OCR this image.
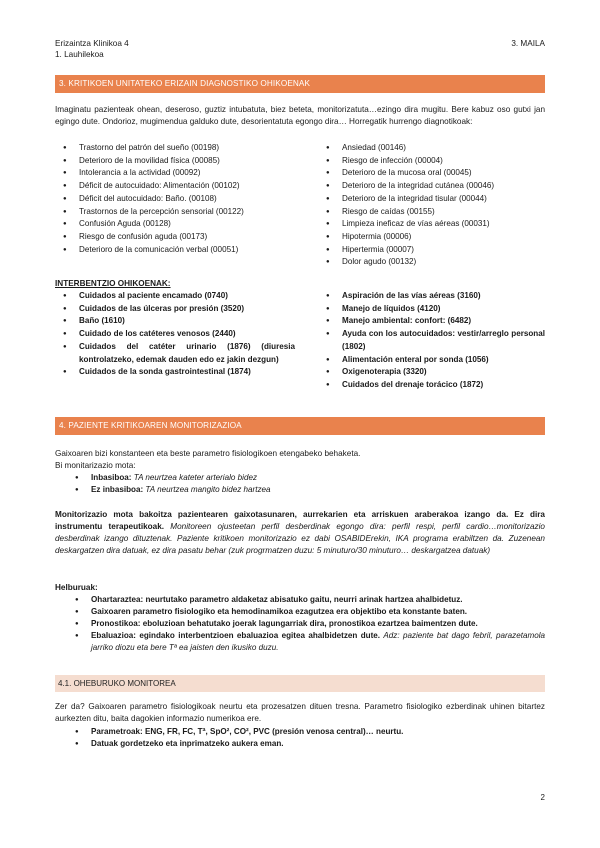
Erizaintza Klinikoa 4
1. Lauhilekoa
3. MAILA
3. KRITIKOEN UNITATEKO ERIZAIN DIAGNOSTIKO OHIKOENAK
Imaginatu pazienteak ohean, deseroso, guztiz intubatuta, biez beteta, monitorizatuta…ezingo dira mugitu. Bere kabuz oso gutxi jan egingo dute. Ondorioz, mugimendua galduko dute, desorientatuta egongo dira… Horregatik hurrengo diagnotikoak:
● Trastorno del patrón del sueño (00198)
● Deterioro de la movilidad física (00085)
● Intolerancia a la actividad (00092)
● Déficit de autocuidado: Alimentación (00102)
● Déficit del autocuidado: Baño. (00108)
● Trastornos de la percepción sensorial (00122)
● Confusión Aguda (00128)
● Riesgo de confusión aguda (00173)
● Deterioro de la comunicación verbal (00051)
● Ansiedad (00146)
● Riesgo de infección (00004)
● Deterioro de la mucosa oral (00045)
● Deterioro de la integridad cutánea (00046)
● Deterioro de la integridad tisular (00044)
● Riesgo de caídas (00155)
● Limpieza ineficaz de vías aéreas (00031)
● Hipotermia (00006)
● Hipertermia (00007)
● Dolor agudo (00132)
INTERBENTZIO OHIKOENAK:
● Cuidados al paciente encamado (0740)
● Cuidados de las úlceras por presión (3520)
● Baño (1610)
● Cuidado de los catéteres venosos (2440)
● Cuidados del catéter urinario (1876) (diuresia kontrolatzeko, edemak dauden edo ez jakin dezgun)
● Cuidados de la sonda gastrointestinal (1874)
● Aspiración de las vías aéreas (3160)
● Manejo de líquidos (4120)
● Manejo ambiental: confort: (6482)
● Ayuda con los autocuidados: vestir/arreglo personal (1802)
● Alimentación enteral por sonda (1056)
● Oxigenoterapia (3320)
● Cuidados del drenaje torácico (1872)
4. PAZIENTE KRITIKOAREN MONITORIZAZIOA
Gaixoaren bizi konstanteen eta beste parametro fisiologikoen etengabeko behaketa.
Bi monitarizazio mota:
● Inbasiboa: TA neurtzea kateter arterialo bidez
● Ez inbasiboa: TA neurtzea mangito bidez hartzea
Monitorizazio mota bakoitza pazientearen gaixotasunaren, aurrekarien eta arriskuen araberakoa izango da. Ez dira instrumentu terapeutikoak. Monitoreen ojusteetan perfil desberdinak egongo dira: perfil respi, perfil cardio…monitorizazio desberdinak izango dituztenak. Paziente kritikoen monitorizazio ez dabi OSABIDErekin, IKA programa erabiltzen da. Zuzenean deskargatzen dira datuak, ez dira pasatu behar (zuk progrmatzen duzu: 5 minuturo/30 minuturo… deskargatzea datuak)
Helburuak:
● Ohartaraztea: neurtutako parametro aldaketaz abisatuko gaitu, neurri arinak hartzea ahalbidetuz.
● Gaixoaren parametro fisiologiko eta hemodinamikoa ezagutzea era objektibo eta konstante baten.
● Pronostikoa: eboluzioan behatutako joerak lagungarriak dira, pronostikoa ezartzea baimentzen dute.
● Ebaluazioa: egindako interbentzioen ebaluazioa egitea ahalbidetzen dute. Adz: paziente bat dago febril, parazetamola jarriko diozu eta bere Tª ea jaisten den ikusiko duzu.
4.1. OHEBURUKO MONITOREA
Zer da? Gaixoaren parametro fisiologikoak neurtu eta prozesatzen dituen tresna. Parametro fisiologiko ezberdinak uhinen bitartez aurkezten ditu, baita dagokien informazio numerikoa ere.
● Parametroak: ENG, FR, FC, Tª, SpO², CO², PVC (presión venosa central)… neurtu.
● Datuak gordetzeko eta inprimatzeko aukera eman.
2
